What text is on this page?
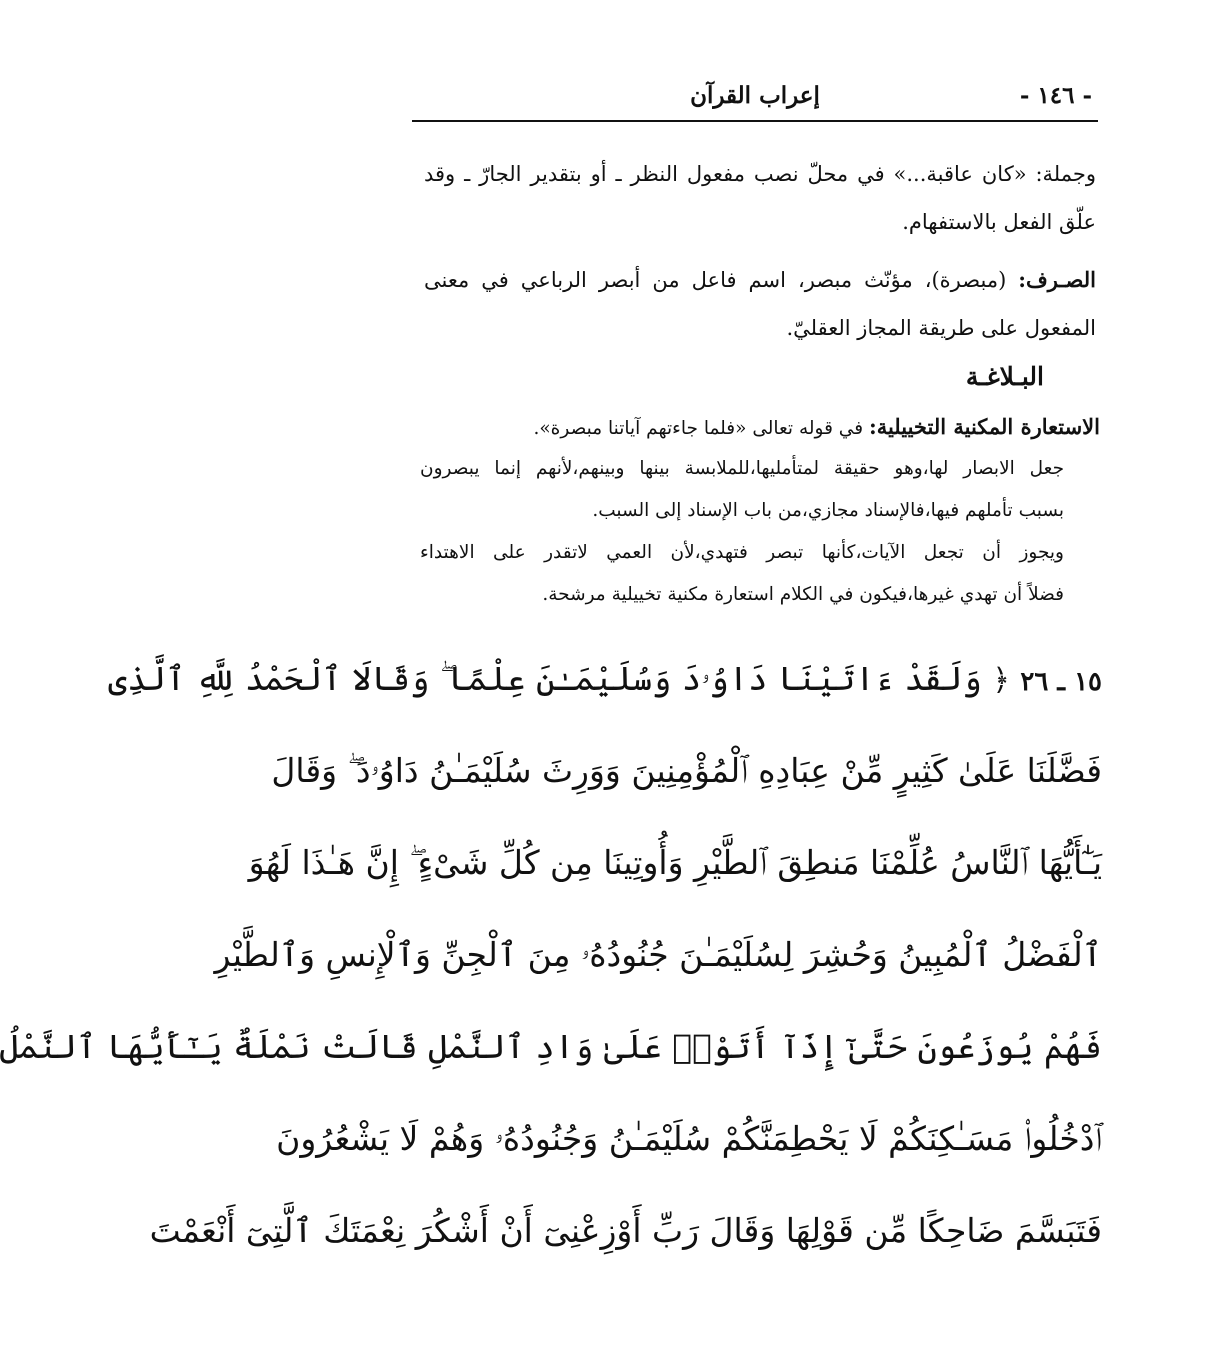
- ١٤٦ -
إعراب القرآن
وجملة: «كان عاقبة...» في محلّ نصب مفعول النظر ـ أو بتقدير الجارّ ـ وقد علّق الفعل بالاستفهام.
الصـرف: (مبصرة)، مؤنّث مبصر، اسم فاعل من أبصر الرباعي في معنى المفعول على طريقة المجاز العقليّ.
البـلاغـة
الاستعارة المكنية التخييلية: في قوله تعالى «فلما جاءتهم آياتنا مبصرة».
جعل الابصار لها،وهو حقيقة لمتأمليها،للملابسة بينها وبينهم،لأنهم إنما يبصرون
بسبب تأملهم فيها،فالإسناد مجازي،من باب الإسناد إلى السبب.
ويجوز أن تجعل الآيات،كأنها تبصر فتهدي،لأن العمي لاتقدر على الاهتداء
فضلاً أن تهدي غيرها،فيكون في الكلام استعارة مكنية تخييلية مرشحة.
١٥ ـ ٢٦ ﴿ وَلَقَدْ ءَاتَيْنَا دَاوُۥدَ وَسُلَيْمَـٰنَ عِلْمًا ۖ وَقَالَا ٱلْحَمْدُ لِلَّهِ ٱلَّذِى
فَضَّلَنَا عَلَىٰ كَثِيرٍ مِّنْ عِبَادِهِ ٱلْمُؤْمِنِينَ وَوَرِثَ سُلَيْمَـٰنُ دَاوُۥدَ ۖ وَقَالَ
يَـٰٓأَيُّهَا ٱلنَّاسُ عُلِّمْنَا مَنطِقَ ٱلطَّيْرِ وَأُوتِينَا مِن كُلِّ شَىْءٍ ۖ إِنَّ هَـٰذَا لَهُوَ
ٱلْفَضْلُ ٱلْمُبِينُ وَحُشِرَ لِسُلَيْمَـٰنَ جُنُودُهُۥ مِنَ ٱلْجِنِّ وَٱلْإِنسِ وَٱلطَّيْرِ
فَهُمْ يُوزَعُونَ حَتَّىٰٓ إِذَآ أَتَوْا۟ عَلَىٰ وَادِ ٱلنَّمْلِ قَالَتْ نَمْلَةٌ يَـٰٓأَيُّهَا ٱلنَّمْلُ
ٱدْخُلُوا۟ مَسَـٰكِنَكُمْ لَا يَحْطِمَنَّكُمْ سُلَيْمَـٰنُ وَجُنُودُهُۥ وَهُمْ لَا يَشْعُرُونَ
فَتَبَسَّمَ ضَاحِكًا مِّن قَوْلِهَا وَقَالَ رَبِّ أَوْزِعْنِىٓ أَنْ أَشْكُرَ نِعْمَتَكَ ٱلَّتِىٓ أَنْعَمْتَ
